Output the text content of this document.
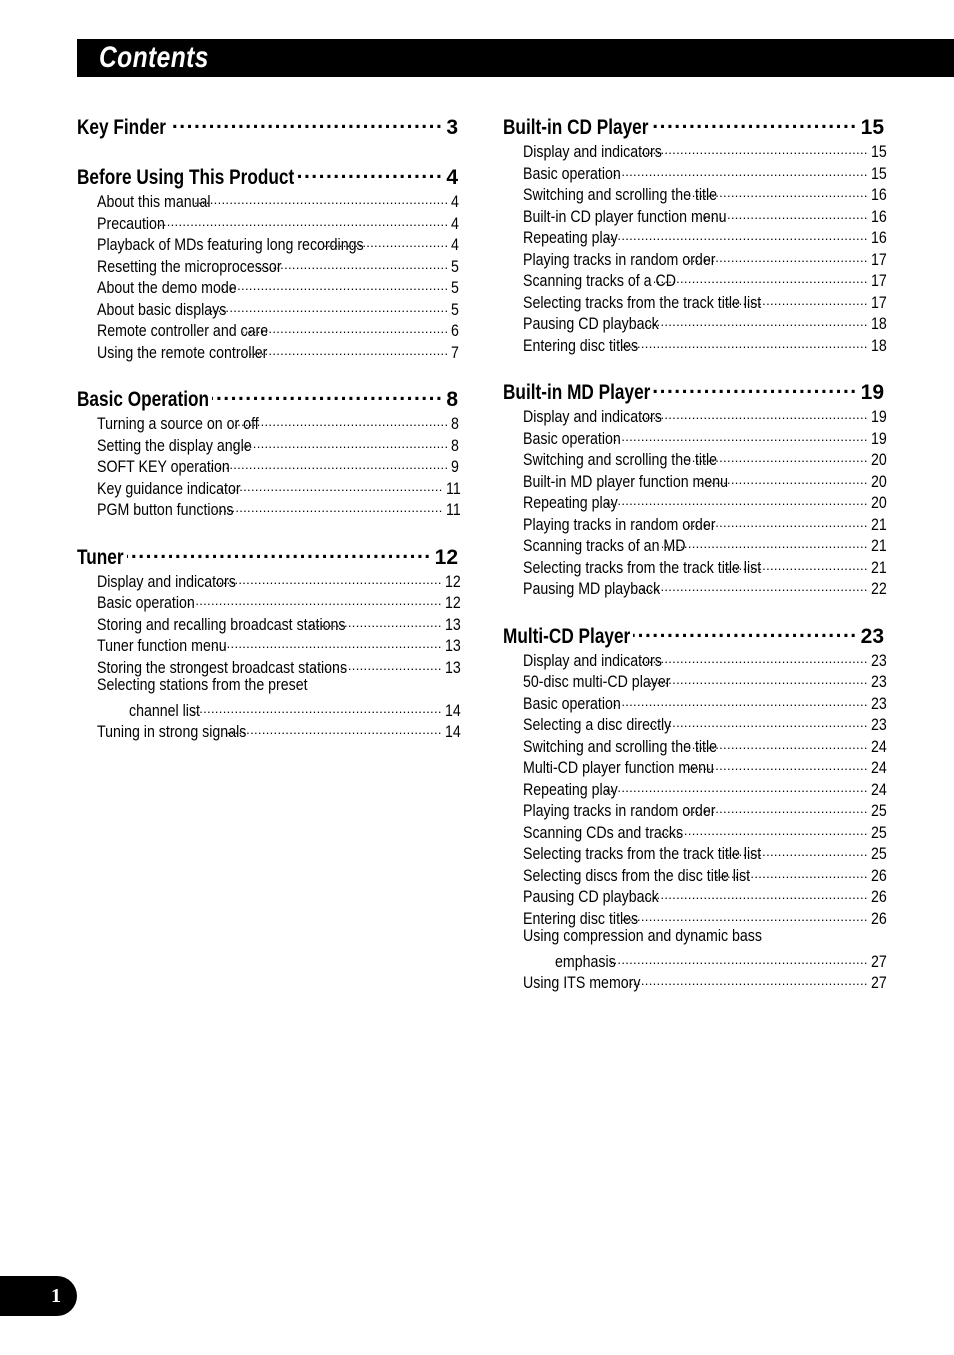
Contents
Key Finder .....	3
Before Using This Product .....	4
About this manual .....	4
Precaution .....	4
Playback of MDs featuring long recordings .....	4
Resetting the microprocessor .....	5
About the demo mode .....	5
About basic displays .....	5
Remote controller and care .....	6
Using the remote controller .....	7
Basic Operation .....	8
Turning a source on or off .....	8
Setting the display angle .....	8
SOFT KEY operation .....	9
Key guidance indicator .....	11
PGM button functions .....	11
Tuner .....	12
Display and indicators .....	12
Basic operation .....	12
Storing and recalling broadcast stations .....	13
Tuner function menu .....	13
Storing the strongest broadcast stations .....	13
Selecting stations from the preset
channel list .....	14
Tuning in strong signals .....	14
Built-in CD Player .....	15
Display and indicators .....	15
Basic operation .....	15
Switching and scrolling the title .....	16
Built-in CD player function menu .....	16
Repeating play .....	16
Playing tracks in random order .....	17
Scanning tracks of a CD .....	17
Selecting tracks from the track title list .....	17
Pausing CD playback .....	18
Entering disc titles .....	18
Built-in MD Player .....	19
Display and indicators .....	19
Basic operation .....	19
Switching and scrolling the title .....	20
Built-in MD player function menu .....	20
Repeating play .....	20
Playing tracks in random order .....	21
Scanning tracks of an MD .....	21
Selecting tracks from the track title list .....	21
Pausing MD playback .....	22
Multi-CD Player .....	23
Display and indicators .....	23
50-disc multi-CD player .....	23
Basic operation .....	23
Selecting a disc directly .....	23
Switching and scrolling the title .....	24
Multi-CD player function menu .....	24
Repeating play .....	24
Playing tracks in random order .....	25
Scanning CDs and tracks .....	25
Selecting tracks from the track title list .....	25
Selecting discs from the disc title list .....	26
Pausing CD playback .....	26
Entering disc titles .....	26
Using compression and dynamic bass
emphasis .....	27
Using ITS memory .....	27
1
